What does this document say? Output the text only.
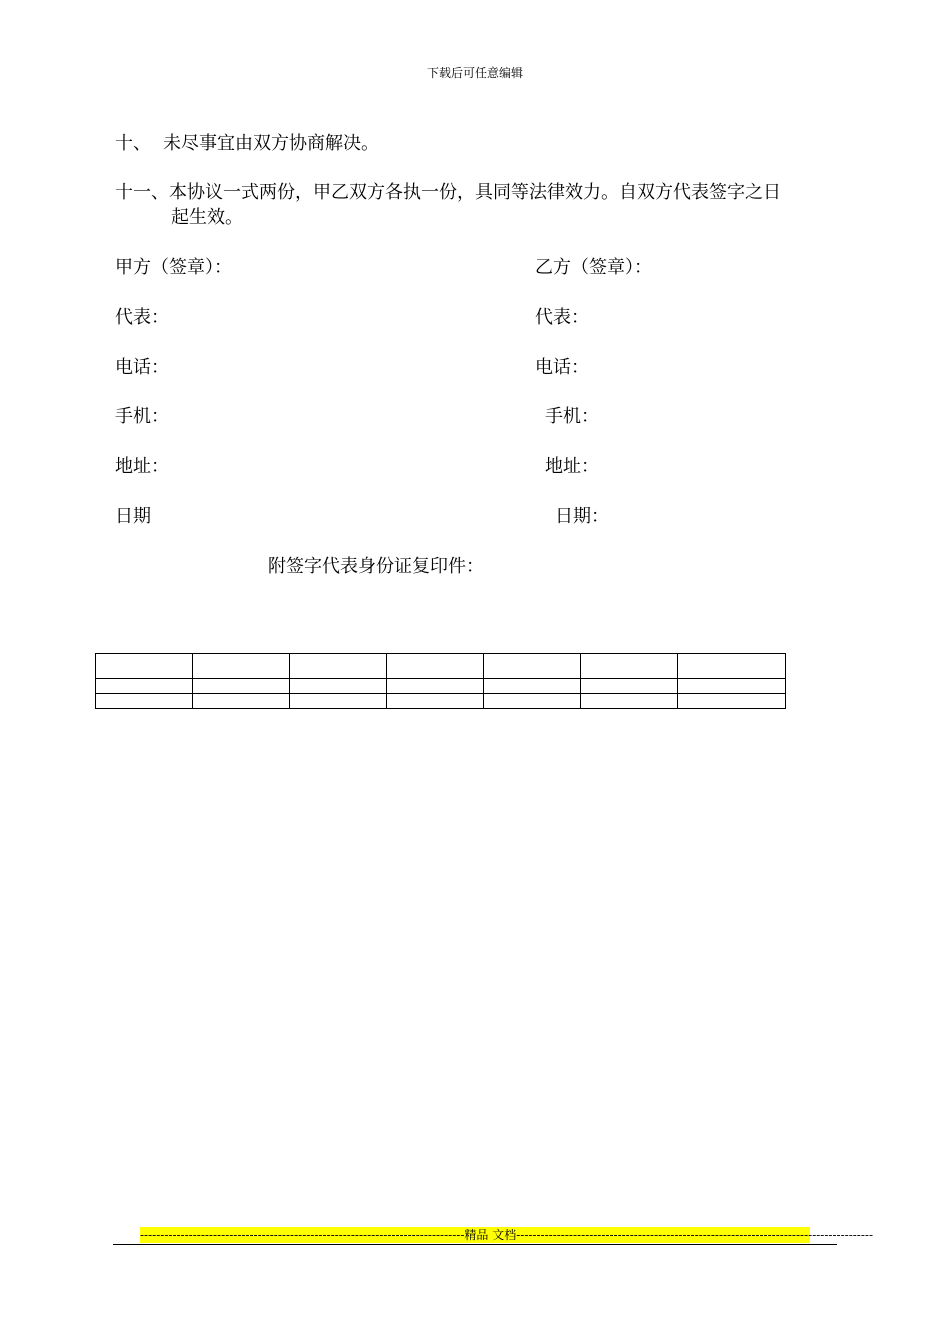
下载后可任意编辑
十、 未尽事宜由双方协商解决。
十一、本协议一式两份，甲乙双方各执一份，具同等法律效力。自双方代表签字之日
起生效。
甲方（签章）：	乙方（签章）：
代表：	代表：
电话：	电话：
手机：	手机：
地址：	地址：
日期	日期：
附签字代表身份证复印件：

--------------------------------------------------------------------------------精品 文档----------------------------------------------------------------------------------------
